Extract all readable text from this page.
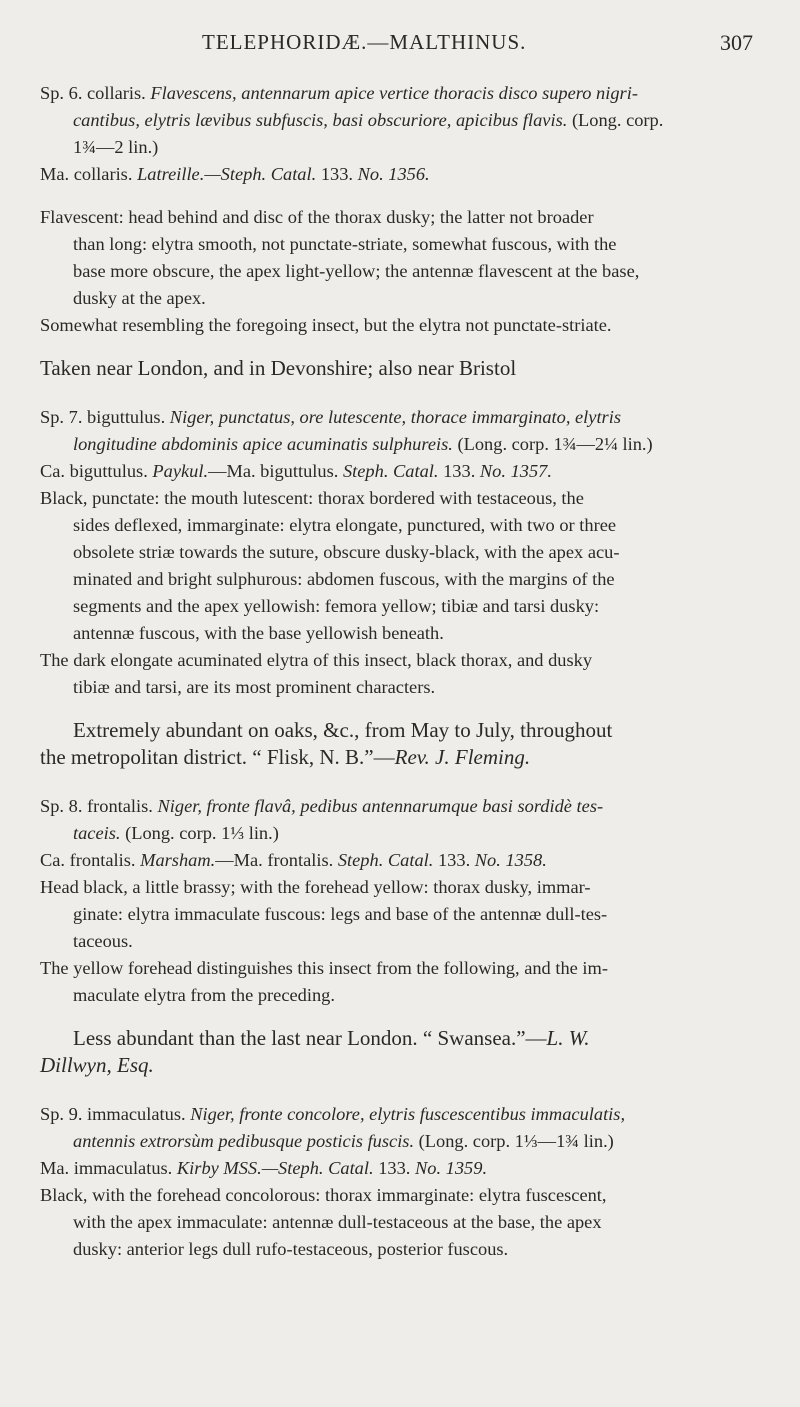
TELEPHORIDÆ.—MALTHINUS.	307
Sp. 6. collaris. Flavescens, antennarum apice vertice thoracis disco supero nigri-
cantibus, elytris lævibus subfuscis, basi obscuriore, apicibus flavis. (Long. corp.
1¾—2 lin.)
Ma. collaris. Latreille.—Steph. Catal. 133. No. 1356.
Flavescent: head behind and disc of the thorax dusky; the latter not broader
than long: elytra smooth, not punctate-striate, somewhat fuscous, with the
base more obscure, the apex light-yellow; the antennæ flavescent at the base,
dusky at the apex.
Somewhat resembling the foregoing insect, but the elytra not punctate-striate.
Taken near London, and in Devonshire; also near Bristol
Sp. 7. biguttulus. Niger, punctatus, ore lutescente, thorace immarginato, elytris
longitudine abdominis apice acuminatis sulphureis. (Long. corp. 1¾—2¼ lin.)
Ca. biguttulus. Paykul.—Ma. biguttulus. Steph. Catal. 133. No. 1357.
Black, punctate: the mouth lutescent: thorax bordered with testaceous, the
sides deflexed, immarginate: elytra elongate, punctured, with two or three
obsolete striæ towards the suture, obscure dusky-black, with the apex acu-
minated and bright sulphurous: abdomen fuscous, with the margins of the
segments and the apex yellowish: femora yellow; tibiæ and tarsi dusky:
antennæ fuscous, with the base yellowish beneath.
The dark elongate acuminated elytra of this insect, black thorax, and dusky
tibiæ and tarsi, are its most prominent characters.
Extremely abundant on oaks, &c., from May to July, throughout
the metropolitan district. “ Flisk, N. B.”—Rev. J. Fleming.
Sp. 8. frontalis. Niger, fronte flavâ, pedibus antennarumque basi sordidè tes-
taceis. (Long. corp. 1⅓ lin.)
Ca. frontalis. Marsham.—Ma. frontalis. Steph. Catal. 133. No. 1358.
Head black, a little brassy; with the forehead yellow: thorax dusky, immar-
ginate: elytra immaculate fuscous: legs and base of the antennæ dull-tes-
taceous.
The yellow forehead distinguishes this insect from the following, and the im-
maculate elytra from the preceding.
Less abundant than the last near London. “ Swansea.”—L. W.
Dillwyn, Esq.
Sp. 9. immaculatus. Niger, fronte concolore, elytris fuscescentibus immaculatis,
antennis extrorsùm pedibusque posticis fuscis. (Long. corp. 1⅓—1¾ lin.)
Ma. immaculatus. Kirby MSS.—Steph. Catal. 133. No. 1359.
Black, with the forehead concolorous: thorax immarginate: elytra fuscescent,
with the apex immaculate: antennæ dull-testaceous at the base, the apex
dusky: anterior legs dull rufo-testaceous, posterior fuscous.
